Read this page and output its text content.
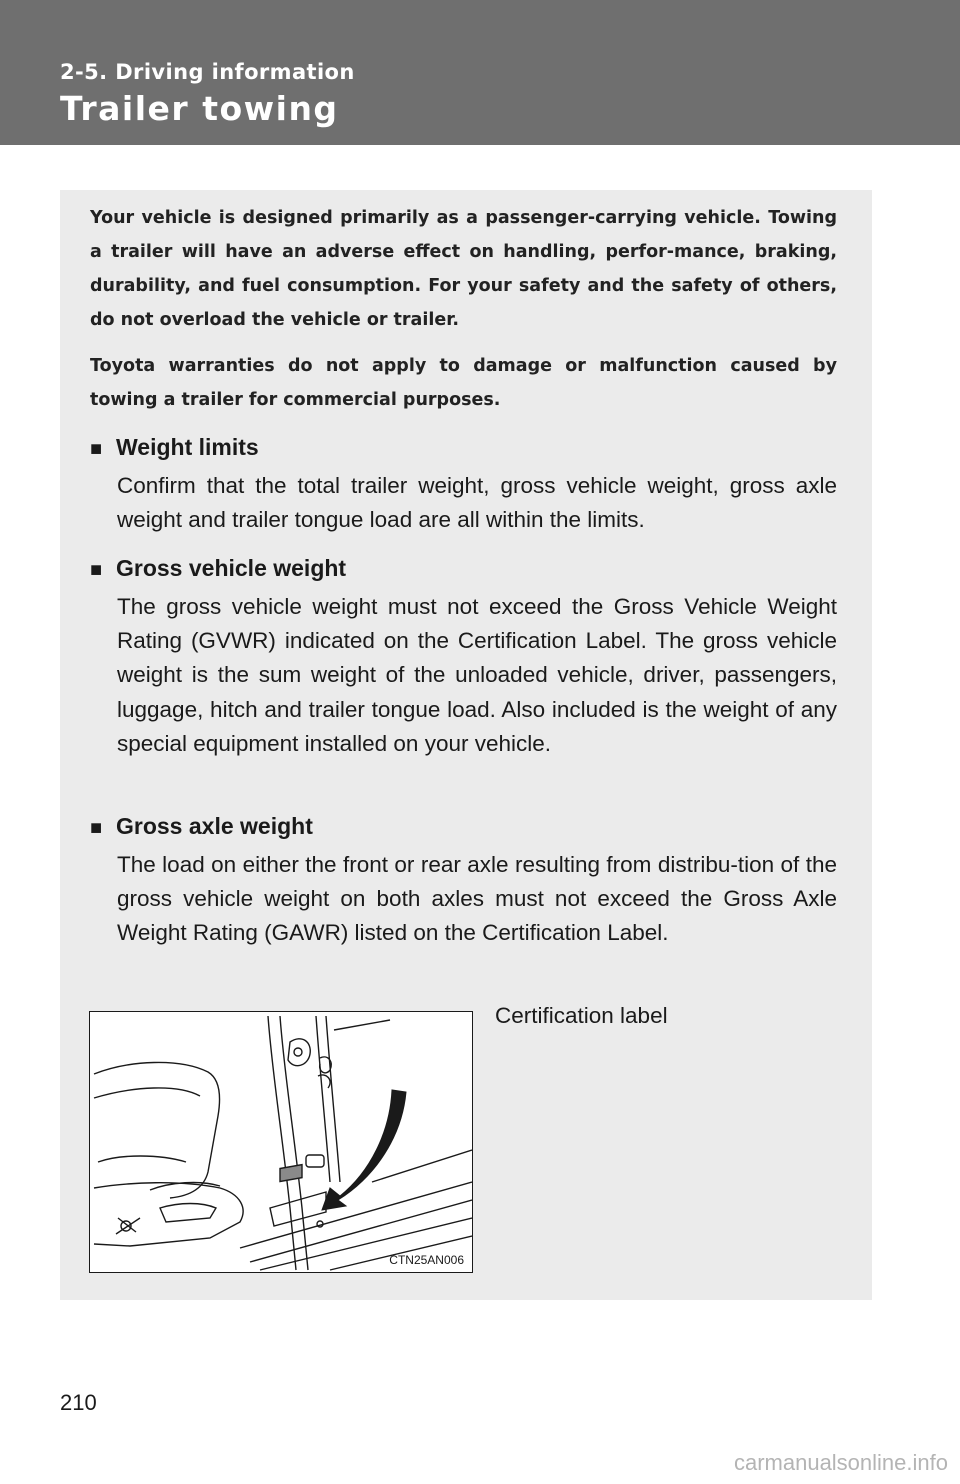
2-5. Driving information

Trailer towing

Your vehicle is designed primarily as a passenger-carrying vehicle. Towing a trailer will have an adverse effect on handling, perfor-mance, braking, durability, and fuel consumption. For your safety and the safety of others, do not overload the vehicle or trailer.

Toyota warranties do not apply to damage or malfunction caused by towing a trailer for commercial purposes.

■ Weight limits

Confirm that the total trailer weight, gross vehicle weight, gross axle weight and trailer tongue load are all within the limits.

■ Gross vehicle weight

The gross vehicle weight must not exceed the Gross Vehicle Weight Rating (GVWR) indicated on the Certification Label. The gross vehicle weight is the sum weight of the unloaded vehicle, driver, passengers, luggage, hitch and trailer tongue load. Also included is the weight of any special equipment installed on your vehicle.

■ Gross axle weight

The load on either the front or rear axle resulting from distribu-tion of the gross vehicle weight on both axles must not exceed the Gross Axle Weight Rating (GAWR) listed on the Certification Label.

CTN25AN006

Certification label

210

carmanualsonline.info
